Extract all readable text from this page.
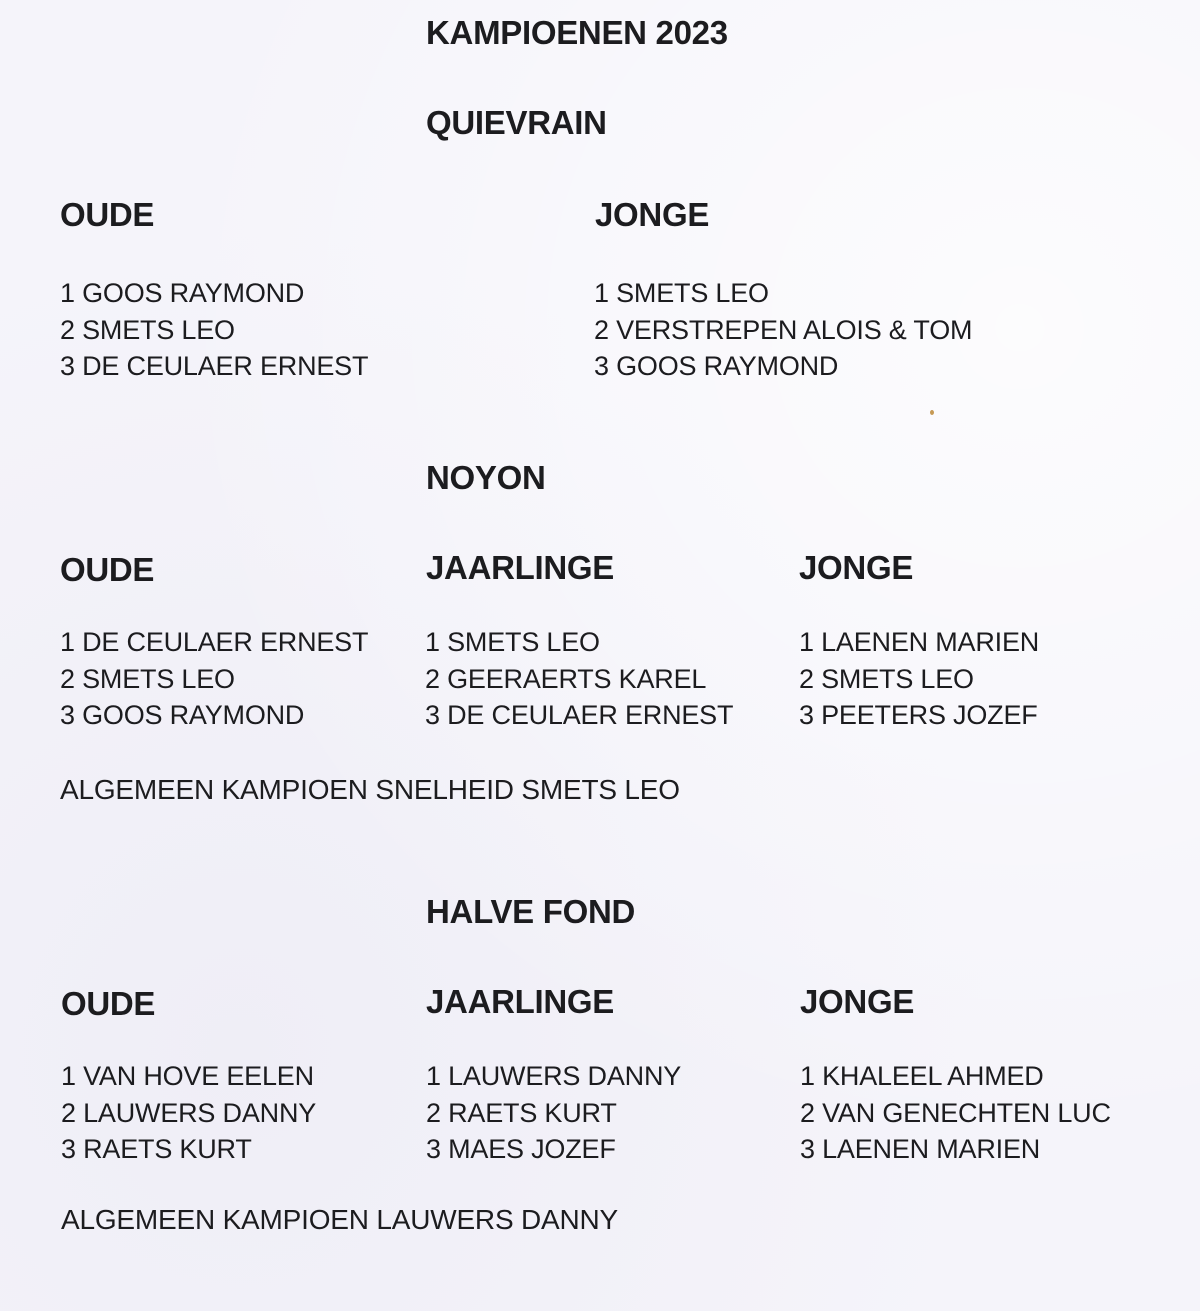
KAMPIOENEN 2023
QUIEVRAIN
OUDE
1 GOOS RAYMOND
2 SMETS LEO
3 DE CEULAER ERNEST
JONGE
1 SMETS LEO
2 VERSTREPEN ALOIS & TOM
3 GOOS RAYMOND
NOYON
OUDE
1 DE CEULAER ERNEST
2 SMETS LEO
3 GOOS RAYMOND
JAARLINGE
1 SMETS LEO
2 GEERAERTS KAREL
3 DE CEULAER ERNEST
JONGE
1 LAENEN MARIEN
2 SMETS LEO
3 PEETERS JOZEF

ALGEMEEN KAMPIOEN SNELHEID SMETS LEO

HALVE FOND
OUDE
1 VAN HOVE EELEN
2 LAUWERS DANNY
3 RAETS KURT
JAARLINGE
1 LAUWERS DANNY
2 RAETS KURT
3 MAES JOZEF
JONGE
1 KHALEEL AHMED
2 VAN GENECHTEN LUC
3 LAENEN MARIEN

ALGEMEEN KAMPIOEN LAUWERS DANNY
